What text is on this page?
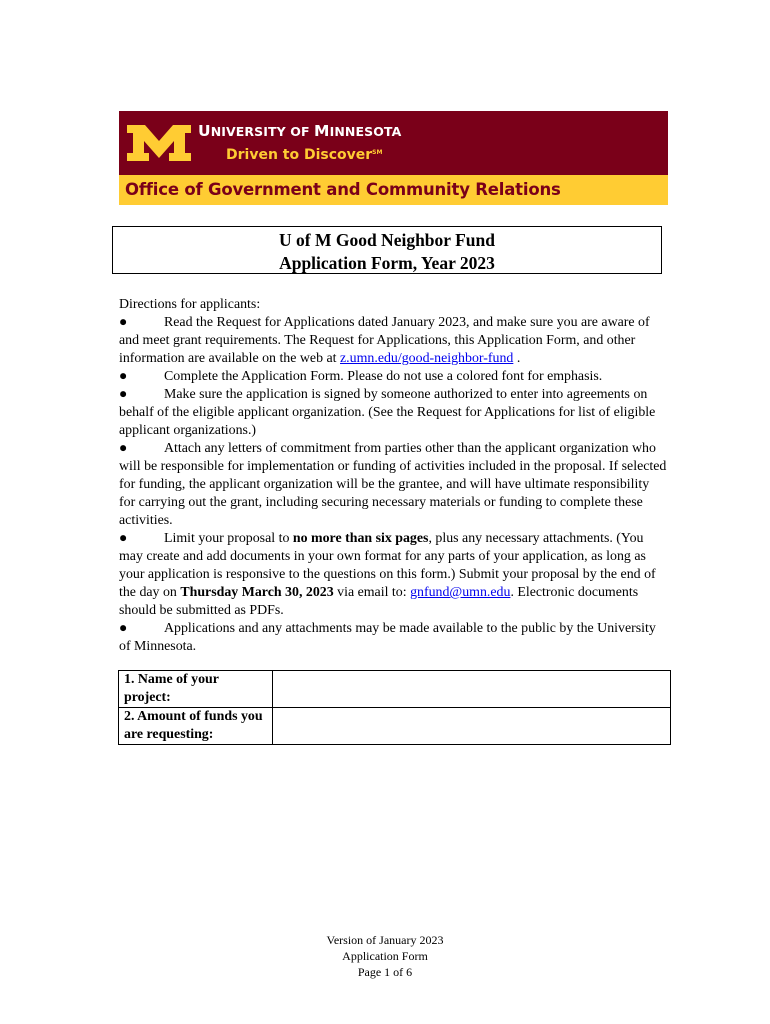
UNIVERSITY OF MINNESOTA
Driven to Discover℠
Office of Government and Community Relations
U of M Good Neighbor Fund
Application Form, Year 2023

Directions for applicants:

●	Read the Request for Applications dated January 2023, and make sure you are aware of and meet grant requirements. The Request for Applications, this Application Form, and other information are available on the web at z.umn.edu/good-neighbor-fund .

●	Complete the Application Form. Please do not use a colored font for emphasis.

●	Make sure the application is signed by someone authorized to enter into agreements on behalf of the eligible applicant organization. (See the Request for Applications for list of eligible applicant organizations.)

●	Attach any letters of commitment from parties other than the applicant organization who will be responsible for implementation or funding of activities included in the proposal. If selected for funding, the applicant organization will be the grantee, and will have ultimate responsibility for carrying out the grant, including securing necessary materials or funding to complete these activities.

●	Limit your proposal to no more than six pages, plus any necessary attachments. (You may create and add documents in your own format for any parts of your application, as long as your application is responsive to the questions on this form.) Submit your proposal by the end of the day on Thursday March 30, 2023 via email to: gnfund@umn.edu. Electronic documents should be submitted as PDFs.

●	Applications and any attachments may be made available to the public by the University of Minnesota.

1. Name of your project:	
2. Amount of funds you are requesting:	
Version of January 2023
Application Form
Page 1 of 6
